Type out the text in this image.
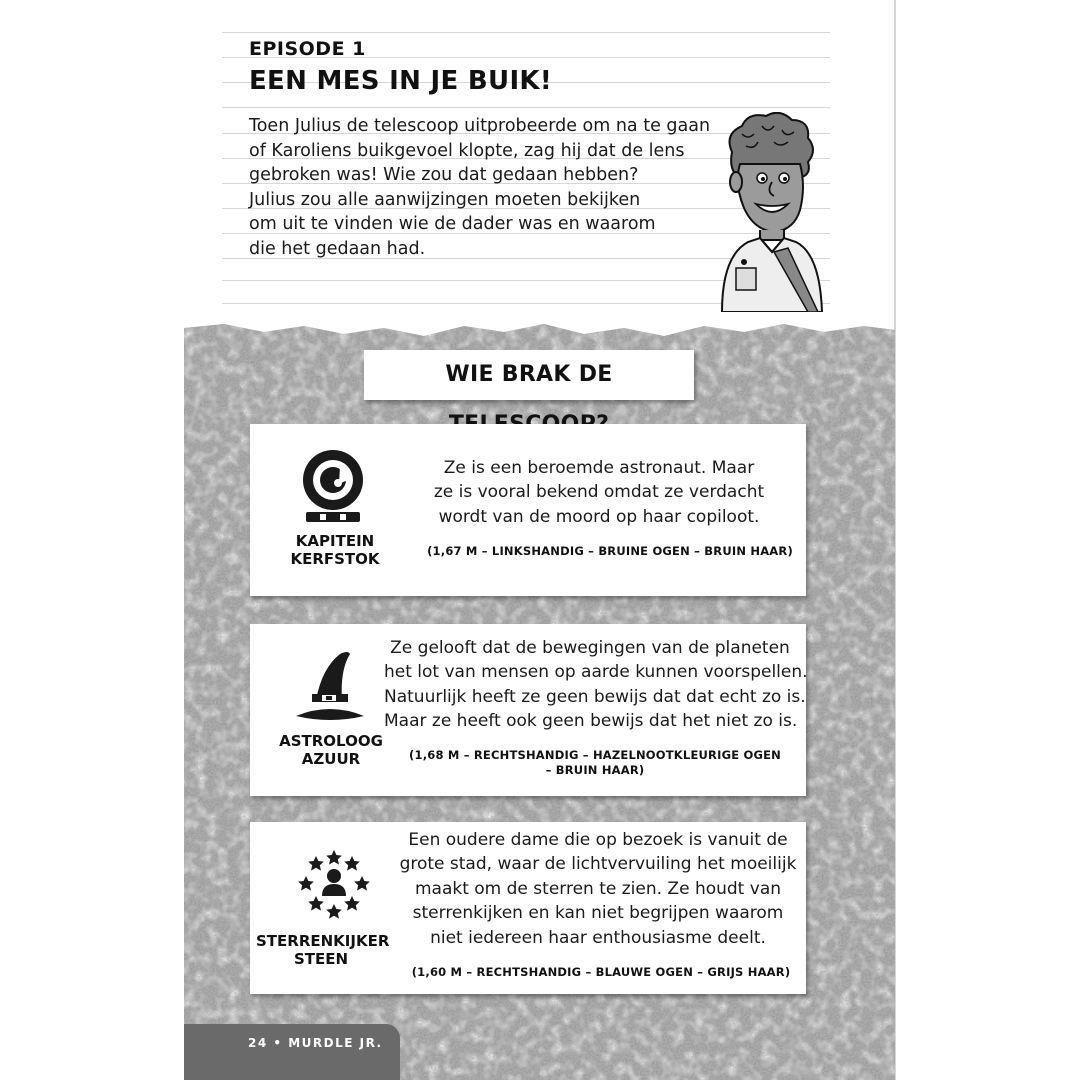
EPISODE 1
EEN MES IN JE BUIK!
Toen Julius de telescoop uitprobeerde om na te gaan
of Karoliens buikgevoel klopte, zag hij dat de lens
gebroken was! Wie zou dat gedaan hebben?
Julius zou alle aanwijzingen moeten bekijken
om uit te vinden wie de dader was en waarom
die het gedaan had.
WIE BRAK DE
KAPITEIN
KERFSTOK
Ze is een beroemde astronaut. Maar
ze is vooral bekend omdat ze verdacht
wordt van de moord op haar copiloot.
(1,67 M – LINKSHANDIG – BRUINE OGEN – BRUIN HAAR)
ASTROLOOG
AZUUR
Ze gelooft dat de bewegingen van de planeten
het lot van mensen op aarde kunnen voorspellen.
Natuurlijk heeft ze geen bewijs dat dat echt zo is.
Maar ze heeft ook geen bewijs dat het niet zo is.
(1,68 M – RECHTSHANDIG – HAZELNOOTKLEURIGE OGEN
– BRUIN HAAR)
STERRENKIJKER
STEEN
Een oudere dame die op bezoek is vanuit de
grote stad, waar de lichtvervuiling het moeilijk
maakt om de sterren te zien. Ze houdt van
sterrenkijken en kan niet begrijpen waarom
niet iedereen haar enthousiasme deelt.
(1,60 M – RECHTSHANDIG – BLAUWE OGEN – GRIJS HAAR)
24 • MURDLE JR.
